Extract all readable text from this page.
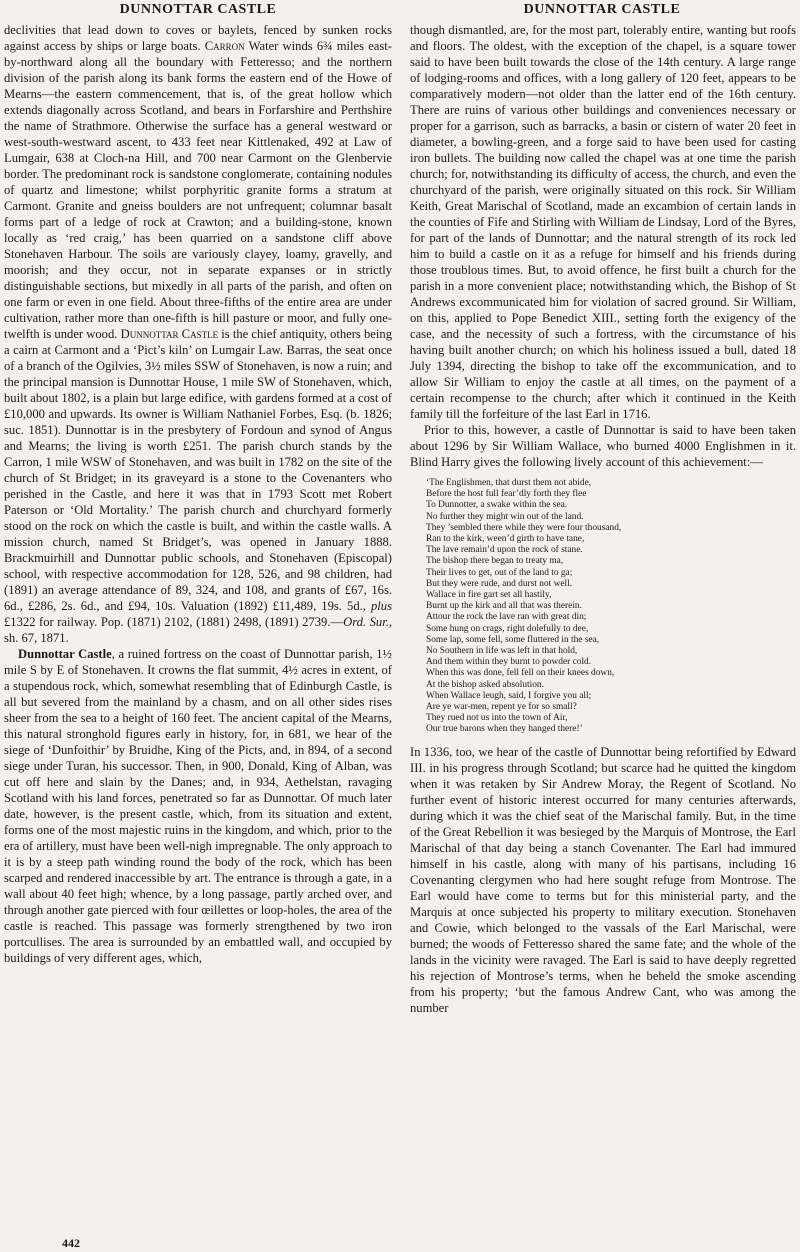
DUNNOTTAR CASTLE	DUNNOTTAR CASTLE

declivities that lead down to coves or baylets, fenced by sunken rocks against access by ships or large boats. Carron Water winds 6¾ miles east-by-northward along all the boundary with Fetteresso; and the northern division of the parish along its bank forms the eastern end of the Howe of Mearns—the eastern commencement, that is, of the great hollow which extends diagonally across Scotland, and bears in Forfarshire and Perthshire the name of Strathmore. Otherwise the surface has a general westward or west-south-westward ascent, to 433 feet near Kittlenaked, 492 at Law of Lumgair, 638 at Cloch-na Hill, and 700 near Carmont on the Glenbervie border. The predominant rock is sandstone conglomerate, containing nodules of quartz and limestone; whilst porphyritic granite forms a stratum at Carmont. Granite and gneiss boulders are not unfrequent; columnar basalt forms part of a ledge of rock at Crawton; and a building-stone, known locally as ‘red craig,’ has been quarried on a sandstone cliff above Stonehaven Harbour. The soils are variously clayey, loamy, gravelly, and moorish; and they occur, not in separate expanses or in strictly distinguishable sections, but mixedly in all parts of the parish, and often on one farm or even in one field. About three-fifths of the entire area are under cultivation, rather more than one-fifth is hill pasture or moor, and fully one-twelfth is under wood. Dunnottar Castle is the chief antiquity, others being a cairn at Carmont and a ‘Pict’s kiln’ on Lumgair Law. Barras, the seat once of a branch of the Ogilvies, 3½ miles SSW of Stonehaven, is now a ruin; and the principal mansion is Dunnottar House, 1 mile SW of Stonehaven, which, built about 1802, is a plain but large edifice, with gardens formed at a cost of £10,000 and upwards. Its owner is William Nathaniel Forbes, Esq. (b. 1826; suc. 1851). Dunnottar is in the presbytery of Fordoun and synod of Angus and Mearns; the living is worth £251. The parish church stands by the Carron, 1 mile WSW of Stonehaven, and was built in 1782 on the site of the church of St Bridget; in its graveyard is a stone to the Covenanters who perished in the Castle, and here it was that in 1793 Scott met Robert Paterson or ‘Old Mortality.’ The parish church and churchyard formerly stood on the rock on which the castle is built, and within the castle walls. A mission church, named St Bridget’s, was opened in January 1888. Brackmuirhill and Dunnottar public schools, and Stonehaven (Episcopal) school, with respective accommodation for 128, 526, and 98 children, had (1891) an average attendance of 89, 324, and 108, and grants of £67, 16s. 6d., £286, 2s. 6d., and £94, 10s. Valuation (1892) £11,489, 19s. 5d., plus £1322 for railway. Pop. (1871) 2102, (1881) 2498, (1891) 2739.—Ord. Sur., sh. 67, 1871.

Dunnottar Castle, a ruined fortress on the coast of Dunnottar parish, 1½ mile S by E of Stonehaven. It crowns the flat summit, 4½ acres in extent, of a stupendous rock, which, somewhat resembling that of Edinburgh Castle, is all but severed from the mainland by a chasm, and on all other sides rises sheer from the sea to a height of 160 feet. The ancient capital of the Mearns, this natural stronghold figures early in history, for, in 681, we hear of the siege of ‘Dunfoithir’ by Bruidhe, King of the Picts, and, in 894, of a second siege under Turan, his successor. Then, in 900, Donald, King of Alban, was cut off here and slain by the Danes; and, in 934, Aethelstan, ravaging Scotland with his land forces, penetrated so far as Dunnottar. Of much later date, however, is the present castle, which, from its situation and extent, forms one of the most majestic ruins in the kingdom, and which, prior to the era of artillery, must have been well-nigh impregnable. The only approach to it is by a steep path winding round the body of the rock, which has been scarped and rendered inaccessible by art. The entrance is through a gate, in a wall about 40 feet high; whence, by a long passage, partly arched over, and through another gate pierced with four œillettes or loop-holes, the area of the castle is reached. This passage was formerly strengthened by two iron portcullises. The area is surrounded by an embattled wall, and occupied by buildings of very different ages, which,

though dismantled, are, for the most part, tolerably entire, wanting but roofs and floors. The oldest, with the exception of the chapel, is a square tower said to have been built towards the close of the 14th century. A large range of lodging-rooms and offices, with a long gallery of 120 feet, appears to be comparatively modern—not older than the latter end of the 16th century. There are ruins of various other buildings and conveniences necessary or proper for a garrison, such as barracks, a basin or cistern of water 20 feet in diameter, a bowling-green, and a forge said to have been used for casting iron bullets. The building now called the chapel was at one time the parish church; for, notwithstanding its difficulty of access, the church, and even the churchyard of the parish, were originally situated on this rock. Sir William Keith, Great Marischal of Scotland, made an excambion of certain lands in the counties of Fife and Stirling with William de Lindsay, Lord of the Byres, for part of the lands of Dunnottar; and the natural strength of its rock led him to build a castle on it as a refuge for himself and his friends during those troublous times. But, to avoid offence, he first built a church for the parish in a more convenient place; notwithstanding which, the Bishop of St Andrews excommunicated him for violation of sacred ground. Sir William, on this, applied to Pope Benedict XIII., setting forth the exigency of the case, and the necessity of such a fortress, with the circumstance of his having built another church; on which his holiness issued a bull, dated 18 July 1394, directing the bishop to take off the excommunication, and to allow Sir William to enjoy the castle at all times, on the payment of a certain recompense to the church; after which it continued in the Keith family till the forfeiture of the last Earl in 1716.

Prior to this, however, a castle of Dunnottar is said to have been taken about 1296 by Sir William Wallace, who burned 4000 Englishmen in it. Blind Harry gives the following lively account of this achievement:—

‘The Englishmen, that durst them not abide,
Before the host full fear’dly forth they flee
To Dunnotter, a swake within the sea.
No further they might win out of the land.
They ’sembled there while they were four thousand,
Ran to the kirk, ween’d girth to have tane,
The lave remain’d upon the rock of stane.
The bishop there began to treaty ma,
Their lives to get, out of the land to ga;
But they were rude, and durst not well.
Wallace in fire gart set all hastily,
Burnt up the kirk and all that was therein.
Attour the rock the lave ran with great din;
Some hung on crags, right dolefully to dee,
Some lap, some fell, some fluttered in the sea,
No Southern in life was left in that hold,
And them within they burnt to powder cold.
When this was done, fell fell on their knees down,
At the bishop asked absolution.
When Wallace leugh, said, I forgive you all;
Are ye war-men, repent ye for so small?
They rued not us into the town of Air,
Our true barons when they hanged there!’

In 1336, too, we hear of the castle of Dunnottar being refortified by Edward III. in his progress through Scotland; but scarce had he quitted the kingdom when it was retaken by Sir Andrew Moray, the Regent of Scotland. No further event of historic interest occurred for many centuries afterwards, during which it was the chief seat of the Marischal family. But, in the time of the Great Rebellion it was besieged by the Marquis of Montrose, the Earl Marischal of that day being a stanch Covenanter. The Earl had immured himself in his castle, along with many of his partisans, including 16 Covenanting clergymen who had here sought refuge from Montrose. The Earl would have come to terms but for this ministerial party, and the Marquis at once subjected his property to military execution. Stonehaven and Cowie, which belonged to the vassals of the Earl Marischal, were burned; the woods of Fetteresso shared the same fate; and the whole of the lands in the vicinity were ravaged. The Earl is said to have deeply regretted his rejection of Montrose’s terms, when he beheld the smoke ascending from his property; ‘but the famous Andrew Cant, who was among the number

442
